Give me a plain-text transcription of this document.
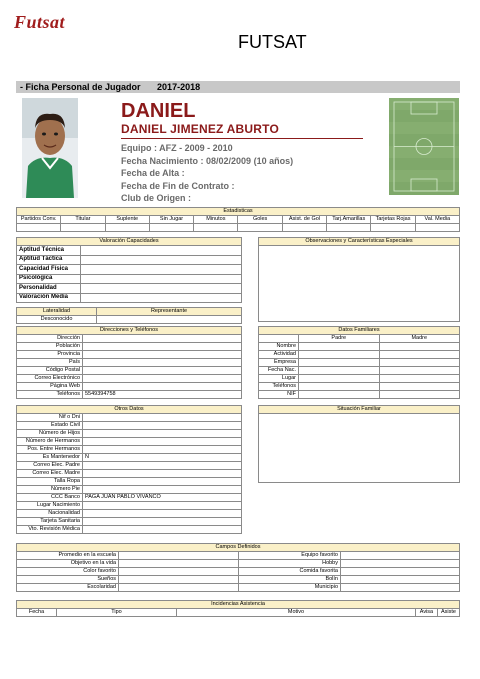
Futsat
FUTSAT
- Ficha Personal de Jugador 2017-2018
DANIEL
DANIEL JIMENEZ ABURTO
Equipo : AFZ - 2009 - 2010
Fecha Nacimiento : 08/02/2009 (10 años)
Fecha de Alta :
Fecha de Fin de Contrato :
Club de Origen :
Estadisticas									
Partidos Conv.	Titular	Suplente	Sin Jugar	Minutos	Goles	Asist. de Gol	Tarj.Amarillas	Tarjetas Rojas	Val. Media

Valoración Capacidades	
Aptitud Técnica	
Aptitud Táctica	
Capacidad Física	
Psicológica	
Personalidad	
Valoración Media	
Observaciones y Características Especiales

Lateralidad	Representante
Desconocido	
Direcciones y Teléfonos	
Dirección	
Población	
Provincia	
País	
Código Postal	
Correo Electrónico	
Página Web	
Teléfonos	5549394758
Datos Familiares		
	Padre	Madre
Nombre		
Actividad		
Empresa		
Fecha Nac.		
Lugar		
Teléfonos		
NIF		
Otros Datos	
Nif o Dni	
Estado Civil	
Número de Hijos	
Número de Hermanos	
Pos. Entre Hermanos	
Es Mantenedor	N
Correo Elec. Padre	
Correo Elec. Madre	
Talla Ropa	
Número Pie	
CCC Banco	PAGA JUAN PABLO VIVANCO
Lugar Nacimiento	
Nacionalidad	
Tarjeta Sanitaria	
Vto. Revisión Médica	
Situación Familiar

Campos Definidos			
Promedio en la escuela		Equipo favorito	
Objetivo en la vida		Hobby	
Color favorito		Comida favorita	
Sueños		Bolín	
Escolaridad		Municipio	
Incidencias Asistencia
Fecha	Tipo	Motivo	Avisa	Asiste
